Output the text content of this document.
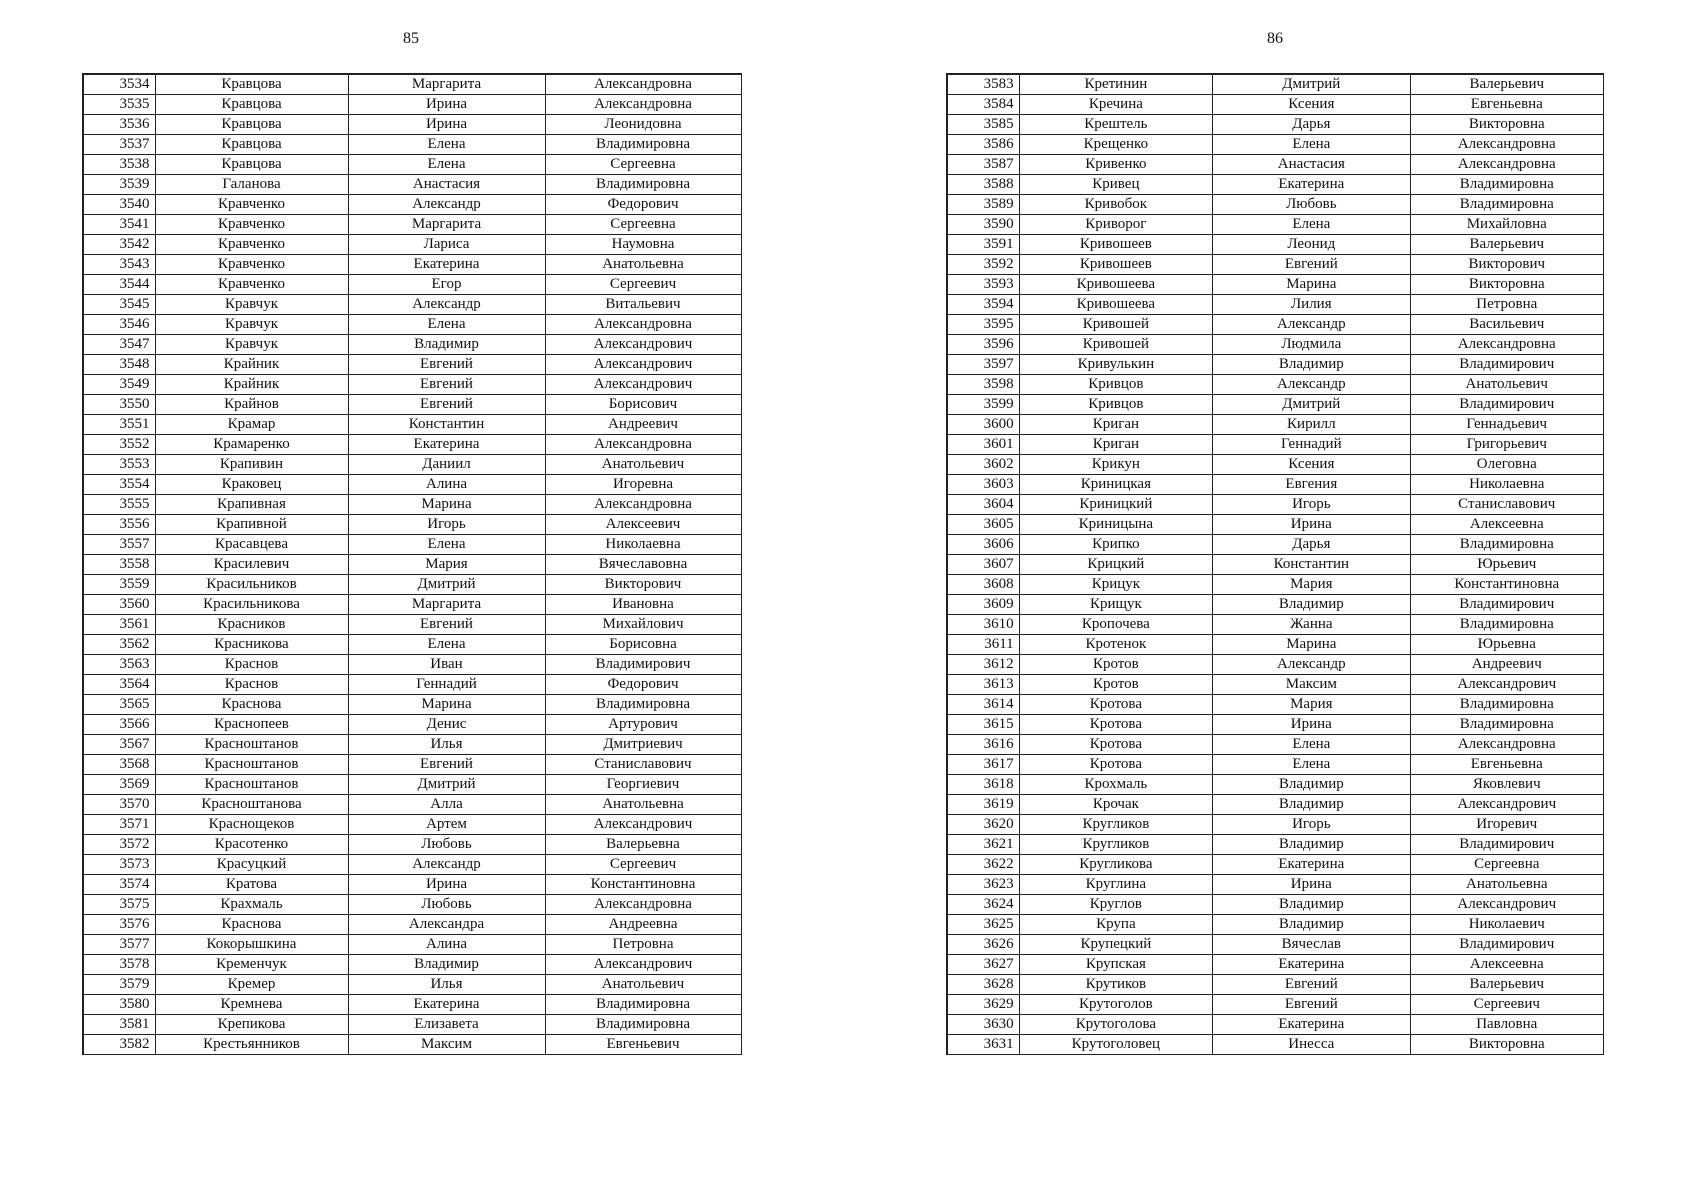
85
3534	Кравцова	Маргарита	Александровна
3535	Кравцова	Ирина	Александровна
3536	Кравцова	Ирина	Леонидовна
3537	Кравцова	Елена	Владимировна
3538	Кравцова	Елена	Сергеевна
3539	Галанова	Анастасия	Владимировна
3540	Кравченко	Александр	Федорович
3541	Кравченко	Маргарита	Сергеевна
3542	Кравченко	Лариса	Наумовна
3543	Кравченко	Екатерина	Анатольевна
3544	Кравченко	Егор	Сергеевич
3545	Кравчук	Александр	Витальевич
3546	Кравчук	Елена	Александровна
3547	Кравчук	Владимир	Александрович
3548	Крайник	Евгений	Александрович
3549	Крайник	Евгений	Александрович
3550	Крайнов	Евгений	Борисович
3551	Крамар	Константин	Андреевич
3552	Крамаренко	Екатерина	Александровна
3553	Крапивин	Даниил	Анатольевич
3554	Краковец	Алина	Игоревна
3555	Крапивная	Марина	Александровна
3556	Крапивной	Игорь	Алексеевич
3557	Красавцева	Елена	Николаевна
3558	Красилевич	Мария	Вячеславовна
3559	Красильников	Дмитрий	Викторович
3560	Красильникова	Маргарита	Ивановна
3561	Красников	Евгений	Михайлович
3562	Красникова	Елена	Борисовна
3563	Краснов	Иван	Владимирович
3564	Краснов	Геннадий	Федорович
3565	Краснова	Марина	Владимировна
3566	Краснопеев	Денис	Артурович
3567	Красноштанов	Илья	Дмитриевич
3568	Красноштанов	Евгений	Станиславович
3569	Красноштанов	Дмитрий	Георгиевич
3570	Красноштанова	Алла	Анатольевна
3571	Краснощеков	Артем	Александрович
3572	Красотенко	Любовь	Валерьевна
3573	Красуцкий	Александр	Сергеевич
3574	Кратова	Ирина	Константиновна
3575	Крахмаль	Любовь	Александровна
3576	Краснова	Александра	Андреевна
3577	Кокорышкина	Алина	Петровна
3578	Кременчук	Владимир	Александрович
3579	Кремер	Илья	Анатольевич
3580	Кремнева	Екатерина	Владимировна
3581	Крепикова	Елизавета	Владимировна
3582	Крестьянников	Максим	Евгеньевич
86
3583	Кретинин	Дмитрий	Валерьевич
3584	Кречина	Ксения	Евгеньевна
3585	Крештель	Дарья	Викторовна
3586	Крещенко	Елена	Александровна
3587	Кривенко	Анастасия	Александровна
3588	Кривец	Екатерина	Владимировна
3589	Кривобок	Любовь	Владимировна
3590	Криворог	Елена	Михайловна
3591	Кривошеев	Леонид	Валерьевич
3592	Кривошеев	Евгений	Викторович
3593	Кривошеева	Марина	Викторовна
3594	Кривошеева	Лилия	Петровна
3595	Кривошей	Александр	Васильевич
3596	Кривошей	Людмила	Александровна
3597	Кривулькин	Владимир	Владимирович
3598	Кривцов	Александр	Анатольевич
3599	Кривцов	Дмитрий	Владимирович
3600	Криган	Кирилл	Геннадьевич
3601	Криган	Геннадий	Григорьевич
3602	Крикун	Ксения	Олеговна
3603	Криницкая	Евгения	Николаевна
3604	Криницкий	Игорь	Станиславович
3605	Криницына	Ирина	Алексеевна
3606	Крипко	Дарья	Владимировна
3607	Крицкий	Константин	Юрьевич
3608	Крицук	Мария	Константиновна
3609	Крищук	Владимир	Владимирович
3610	Кропочева	Жанна	Владимировна
3611	Кротенок	Марина	Юрьевна
3612	Кротов	Александр	Андреевич
3613	Кротов	Максим	Александрович
3614	Кротова	Мария	Владимировна
3615	Кротова	Ирина	Владимировна
3616	Кротова	Елена	Александровна
3617	Кротова	Елена	Евгеньевна
3618	Крохмаль	Владимир	Яковлевич
3619	Крочак	Владимир	Александрович
3620	Кругликов	Игорь	Игоревич
3621	Кругликов	Владимир	Владимирович
3622	Кругликова	Екатерина	Сергеевна
3623	Круглина	Ирина	Анатольевна
3624	Круглов	Владимир	Александрович
3625	Крупа	Владимир	Николаевич
3626	Крупецкий	Вячеслав	Владимирович
3627	Крупская	Екатерина	Алексеевна
3628	Крутиков	Евгений	Валерьевич
3629	Крутоголов	Евгений	Сергеевич
3630	Крутоголова	Екатерина	Павловна
3631	Крутоголовец	Инесса	Викторовна
